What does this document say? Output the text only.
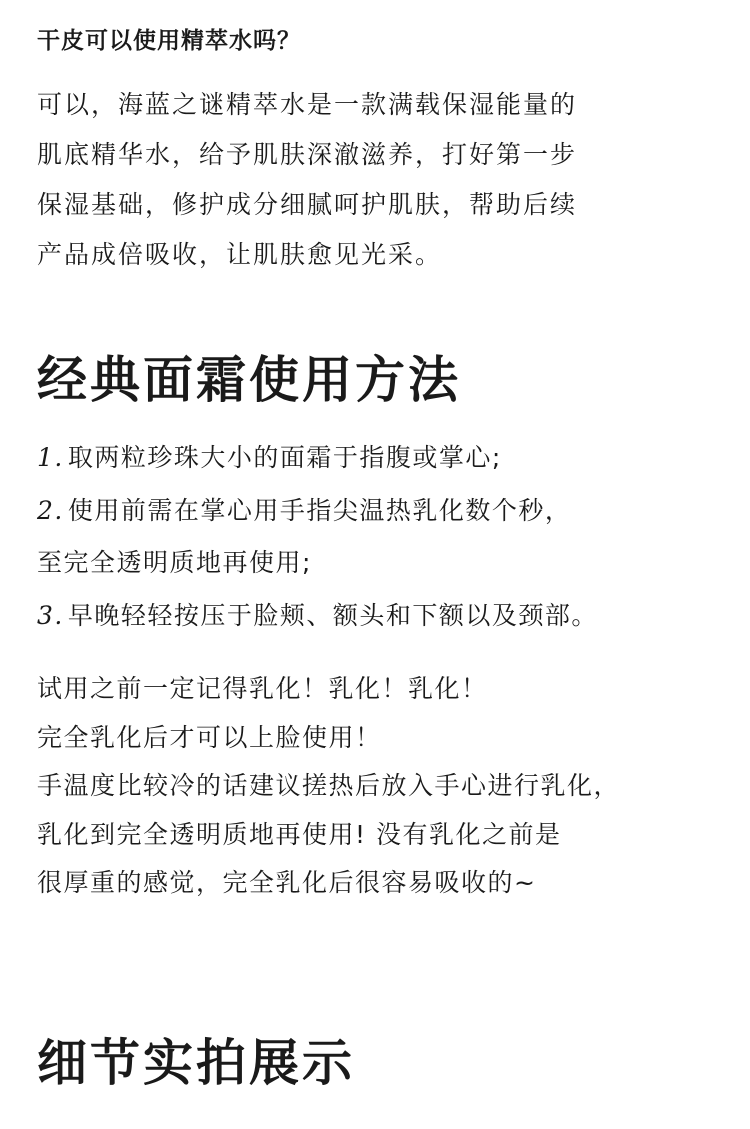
干皮可以使用精萃水吗？

可以，海蓝之谜精萃水是一款满载保湿能量的

肌底精华水，给予肌肤深澈滋养，打好第一步

保湿基础，修护成分细腻呵护肌肤，帮助后续

产品成倍吸收，让肌肤愈见光采。

经典面霜使用方法

1. 取两粒珍珠大小的面霜于指腹或掌心;

2. 使用前需在掌心用手指尖温热乳化数个秒，

至完全透明质地再使用;

3. 早晚轻轻按压于脸颊、额头和下额以及颈部。

试用之前一定记得乳化！乳化！乳化！

完全乳化后才可以上脸使用！

手温度比较冷的话建议搓热后放入手心进行乳化，

乳化到完全透明质地再使用! 没有乳化之前是

很厚重的感觉，完全乳化后很容易吸收的~

细节实拍展示
